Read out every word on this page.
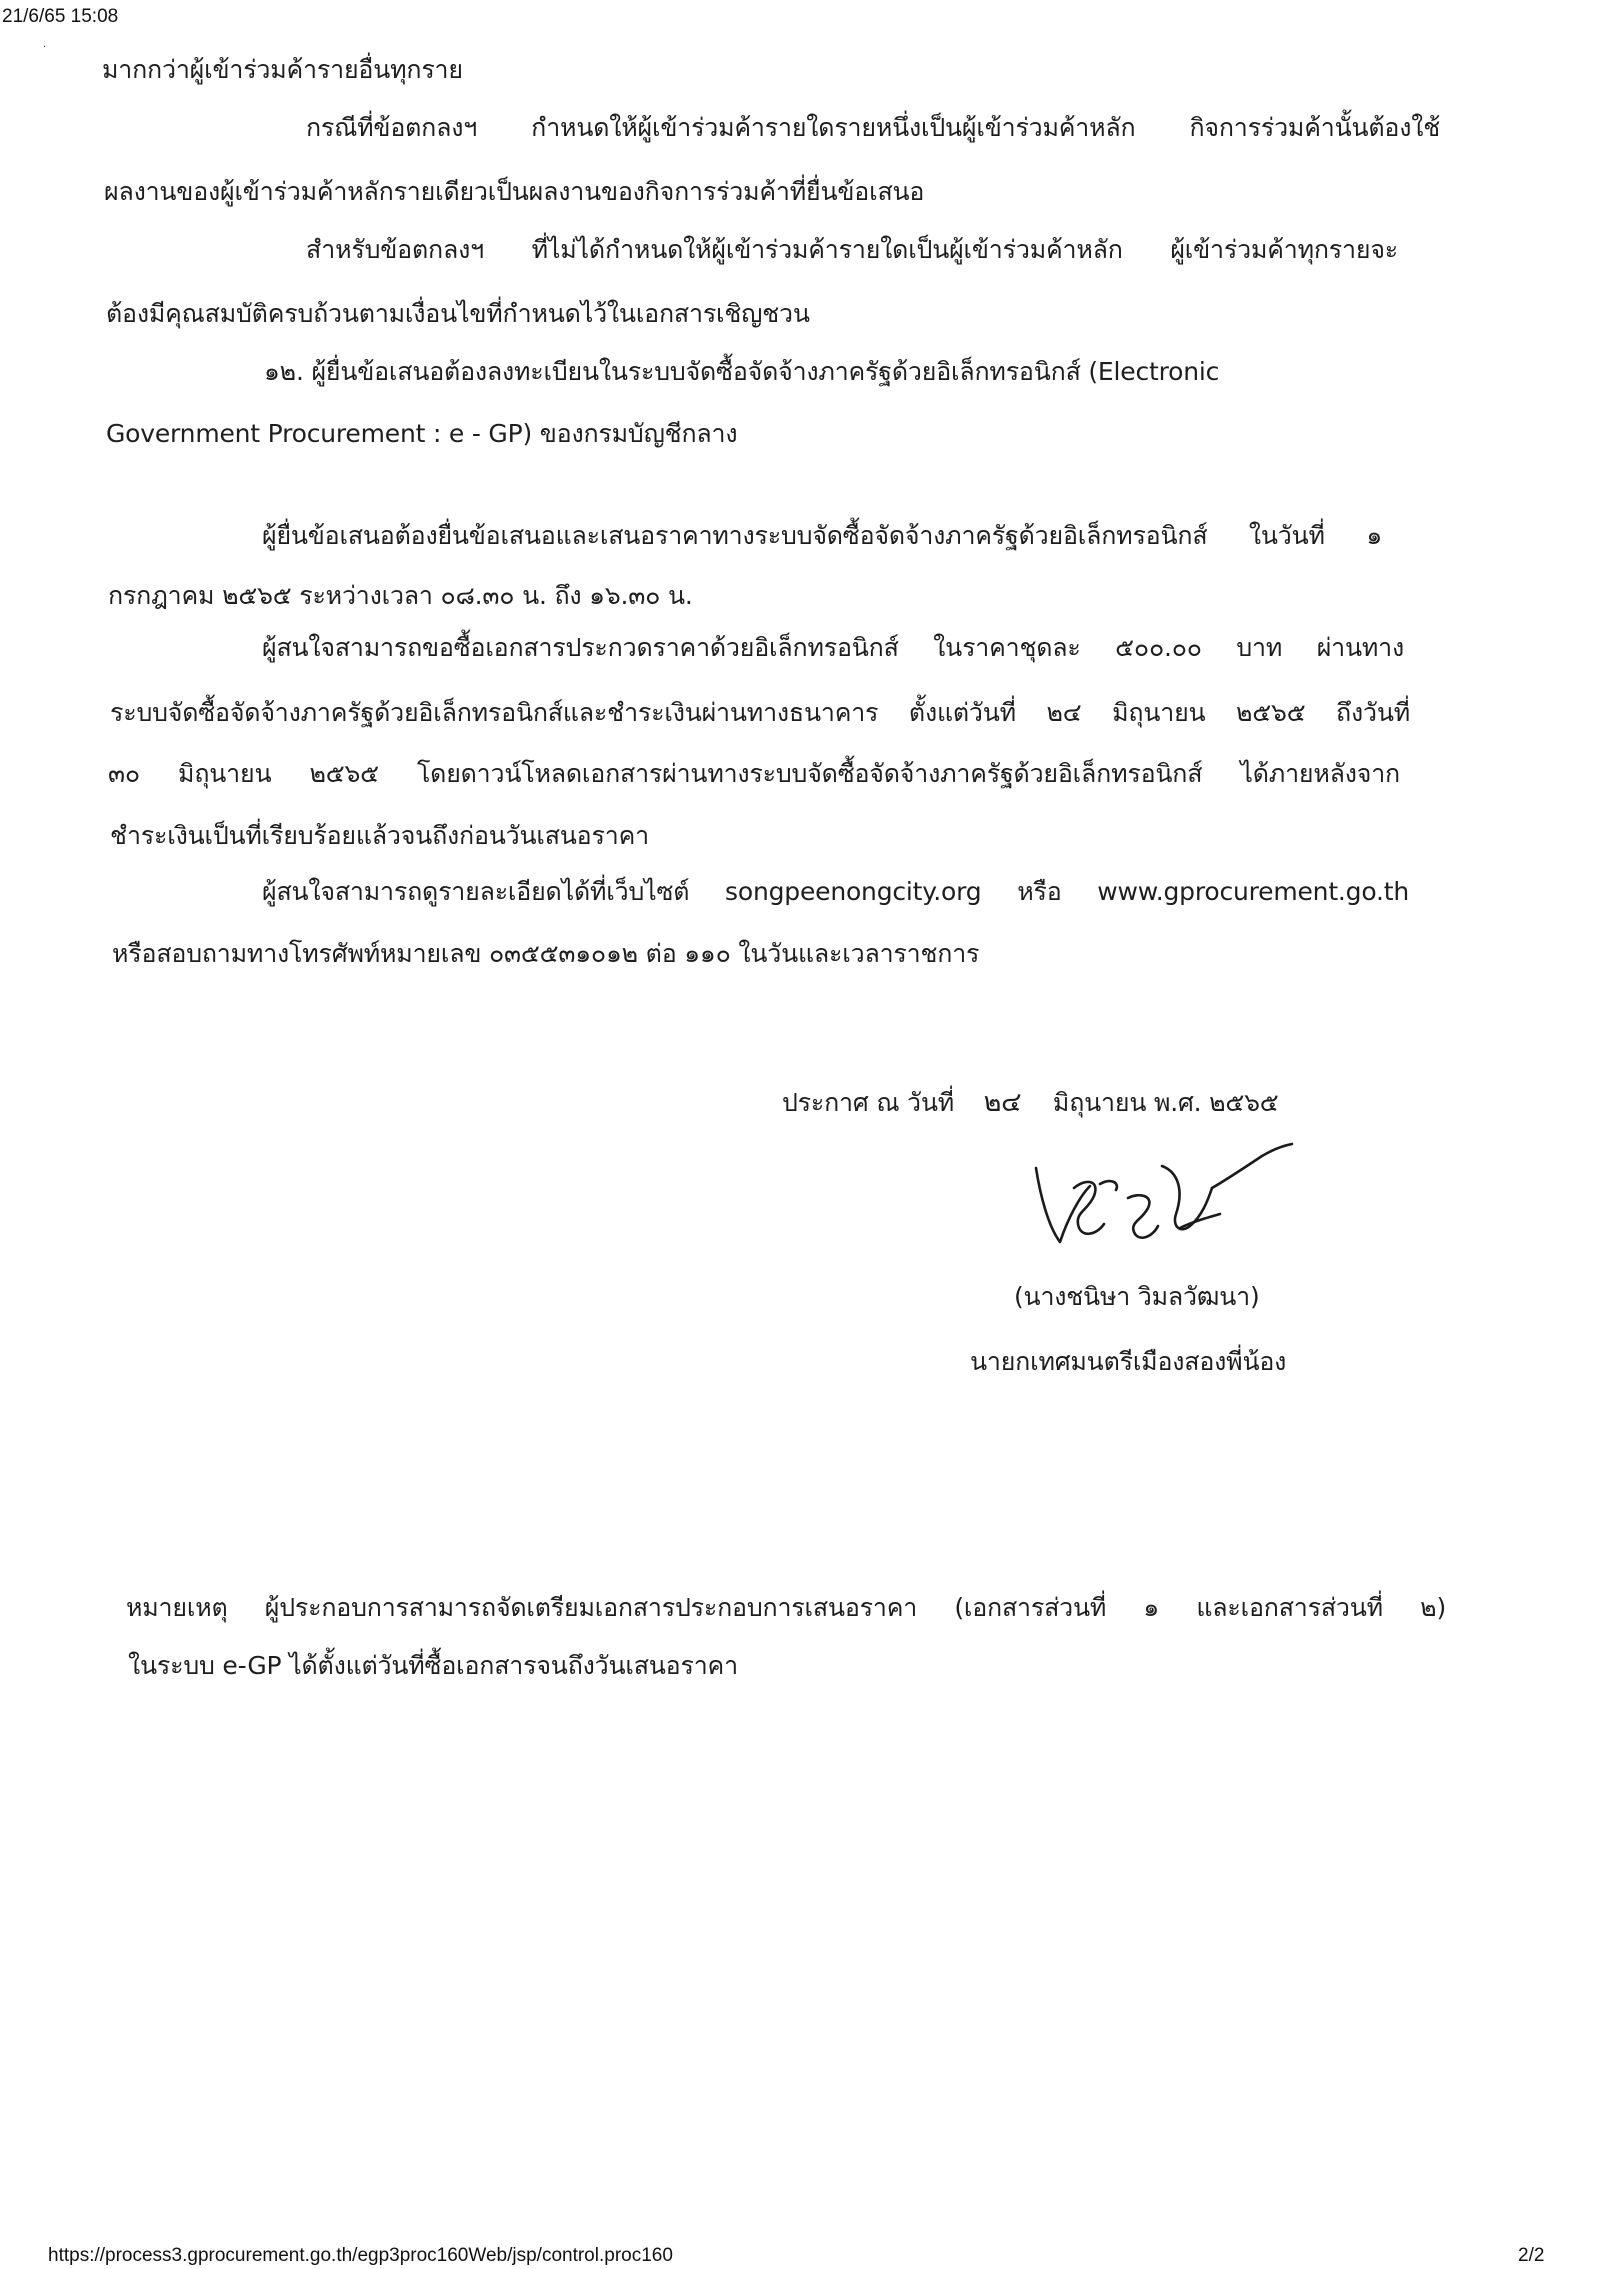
21/6/65 15:08
·
มากกว่าผู้เข้าร่วมค้ารายอื่นทุกราย
กรณีที่ข้อตกลงฯ กำหนดให้ผู้เข้าร่วมค้ารายใดรายหนึ่งเป็นผู้เข้าร่วมค้าหลัก กิจการร่วมค้านั้นต้องใช้
ผลงานของผู้เข้าร่วมค้าหลักรายเดียวเป็นผลงานของกิจการร่วมค้าที่ยื่นข้อเสนอ
สำหรับข้อตกลงฯ ที่ไม่ได้กำหนดให้ผู้เข้าร่วมค้ารายใดเป็นผู้เข้าร่วมค้าหลัก ผู้เข้าร่วมค้าทุกรายจะ
ต้องมีคุณสมบัติครบถ้วนตามเงื่อนไขที่กำหนดไว้ในเอกสารเชิญชวน
๑๒. ผู้ยื่นข้อเสนอต้องลงทะเบียนในระบบจัดซื้อจัดจ้างภาครัฐด้วยอิเล็กทรอนิกส์ (Electronic
Government Procurement : e - GP) ของกรมบัญชีกลาง
ผู้ยื่นข้อเสนอต้องยื่นข้อเสนอและเสนอราคาทางระบบจัดซื้อจัดจ้างภาครัฐด้วยอิเล็กทรอนิกส์ ในวันที่ ๑
กรกฎาคม ๒๕๖๕ ระหว่างเวลา ๐๘.๓๐ น. ถึง ๑๖.๓๐ น.
ผู้สนใจสามารถขอซื้อเอกสารประกวดราคาด้วยอิเล็กทรอนิกส์ ในราคาชุดละ ๕๐๐.๐๐ บาท ผ่านทาง
ระบบจัดซื้อจัดจ้างภาครัฐด้วยอิเล็กทรอนิกส์และชำระเงินผ่านทางธนาคาร ตั้งแต่วันที่ ๒๔ มิถุนายน ๒๕๖๕ ถึงวันที่
๓๐ มิถุนายน ๒๕๖๕ โดยดาวน์โหลดเอกสารผ่านทางระบบจัดซื้อจัดจ้างภาครัฐด้วยอิเล็กทรอนิกส์ ได้ภายหลังจาก
ชำระเงินเป็นที่เรียบร้อยแล้วจนถึงก่อนวันเสนอราคา
ผู้สนใจสามารถดูรายละเอียดได้ที่เว็บไซต์ songpeenongcity.org หรือ www.gprocurement.go.th
หรือสอบถามทางโทรศัพท์หมายเลข ๐๓๕๕๓๑๐๑๒ ต่อ ๑๑๐ ในวันและเวลาราชการ
ประกาศ ณ วันที่ ๒๔ มิถุนายน พ.ศ. ๒๕๖๕
(นางชนิษา วิมลวัฒนา)
นายกเทศมนตรีเมืองสองพี่น้อง
หมายเหตุ ผู้ประกอบการสามารถจัดเตรียมเอกสารประกอบการเสนอราคา (เอกสารส่วนที่ ๑ และเอกสารส่วนที่ ๒)
ในระบบ e-GP ได้ตั้งแต่วันที่ซื้อเอกสารจนถึงวันเสนอราคา
https://process3.gprocurement.go.th/egp3proc160Web/jsp/control.proc160	2/2
